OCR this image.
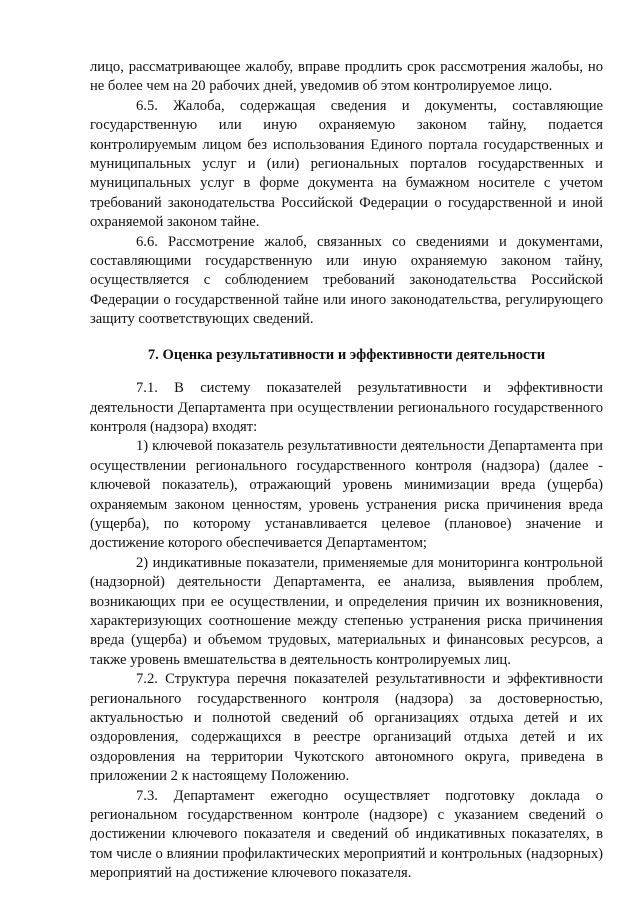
лицо, рассматривающее жалобу, вправе продлить срок рассмотрения жалобы, но не более чем на 20 рабочих дней, уведомив об этом контролируемое лицо.

6.5. Жалоба, содержащая сведения и документы, составляющие государственную или иную охраняемую законом тайну, подается контролируемым лицом без использования Единого портала государственных и муниципальных услуг и (или) региональных порталов государственных и муниципальных услуг в форме документа на бумажном носителе с учетом требований законодательства Российской Федерации о государственной и иной охраняемой законом тайне.

6.6. Рассмотрение жалоб, связанных со сведениями и документами, составляющими государственную или иную охраняемую законом тайну, осуществляется с соблюдением требований законодательства Российской Федерации о государственной тайне или иного законодательства, регулирующего защиту соответствующих сведений.

7. Оценка результативности и эффективности деятельности

7.1. В систему показателей результативности и эффективности деятельности Департамента при осуществлении регионального государственного контроля (надзора) входят:

1) ключевой показатель результативности деятельности Департамента при осуществлении регионального государственного контроля (надзора) (далее - ключевой показатель), отражающий уровень минимизации вреда (ущерба) охраняемым законом ценностям, уровень устранения риска причинения вреда (ущерба), по которому устанавливается целевое (плановое) значение и достижение которого обеспечивается Департаментом;

2) индикативные показатели, применяемые для мониторинга контрольной (надзорной) деятельности Департамента, ее анализа, выявления проблем, возникающих при ее осуществлении, и определения причин их возникновения, характеризующих соотношение между степенью устранения риска причинения вреда (ущерба) и объемом трудовых, материальных и финансовых ресурсов, а также уровень вмешательства в деятельность контролируемых лиц.

7.2. Структура перечня показателей результативности и эффективности регионального государственного контроля (надзора) за достоверностью, актуальностью и полнотой сведений об организациях отдыха детей и их оздоровления, содержащихся в реестре организаций отдыха детей и их оздоровления на территории Чукотского автономного округа, приведена в приложении 2 к настоящему Положению.

7.3. Департамент ежегодно осуществляет подготовку доклада о региональном государственном контроле (надзоре) с указанием сведений о достижении ключевого показателя и сведений об индикативных показателях, в том числе о влиянии профилактических мероприятий и контрольных (надзорных) мероприятий на достижение ключевого показателя.
